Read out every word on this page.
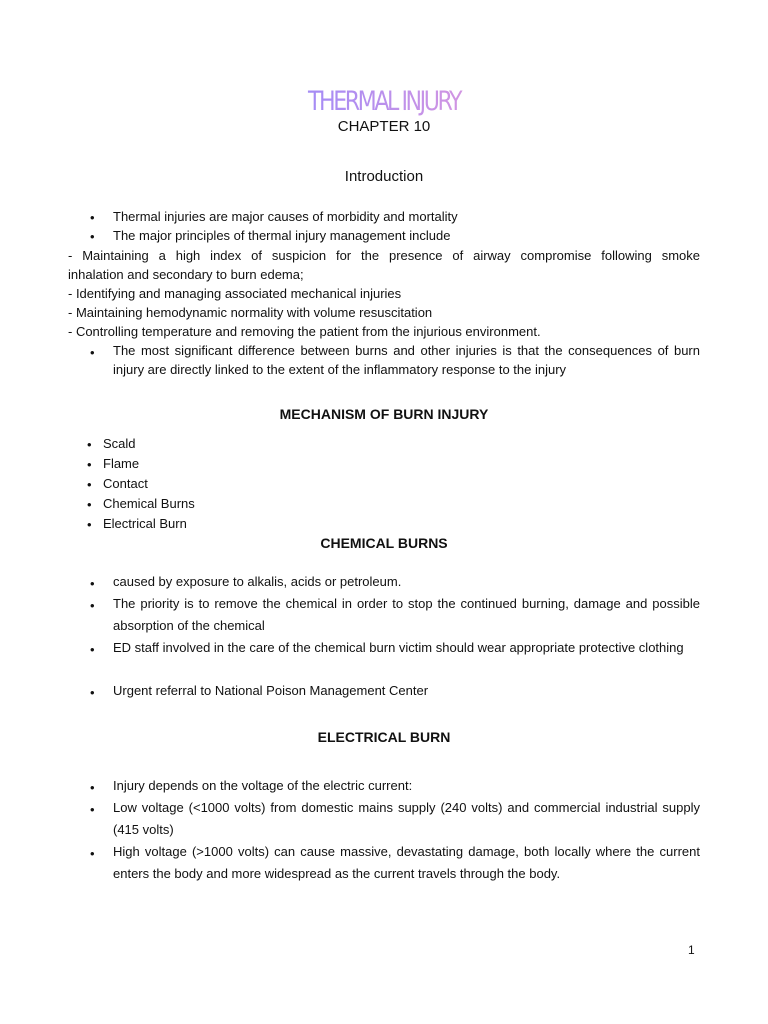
THERMAL INJURY
CHAPTER 10
Introduction
• Thermal injuries are major causes of morbidity and mortality
• The major principles of thermal injury management include
- Maintaining a high index of suspicion for the presence of airway compromise following smoke
inhalation and secondary to burn edema;
- Identifying and managing associated mechanical injuries
- Maintaining hemodynamic normality with volume resuscitation
- Controlling temperature and removing the patient from the injurious environment.
• The most significant difference between burns and other injuries is that the consequences of burn injury are directly linked to the extent of the inflammatory response to the injury
MECHANISM OF BURN INJURY
• Scald
• Flame
• Contact
• Chemical Burns
• Electrical Burn
CHEMICAL BURNS
• caused by exposure to alkalis, acids or petroleum.
• The priority is to remove the chemical in order to stop the continued burning, damage and possible absorption of the chemical
• ED staff involved in the care of the chemical burn victim should wear appropriate protective clothing
• Urgent referral to National Poison Management Center
ELECTRICAL BURN
• Injury depends on the voltage of the electric current:
• Low voltage (<1000 volts) from domestic mains supply (240 volts) and commercial industrial supply (415 volts)
• High voltage (>1000 volts) can cause massive, devastating damage, both locally where the current enters the body and more widespread as the current travels through the body.
1
